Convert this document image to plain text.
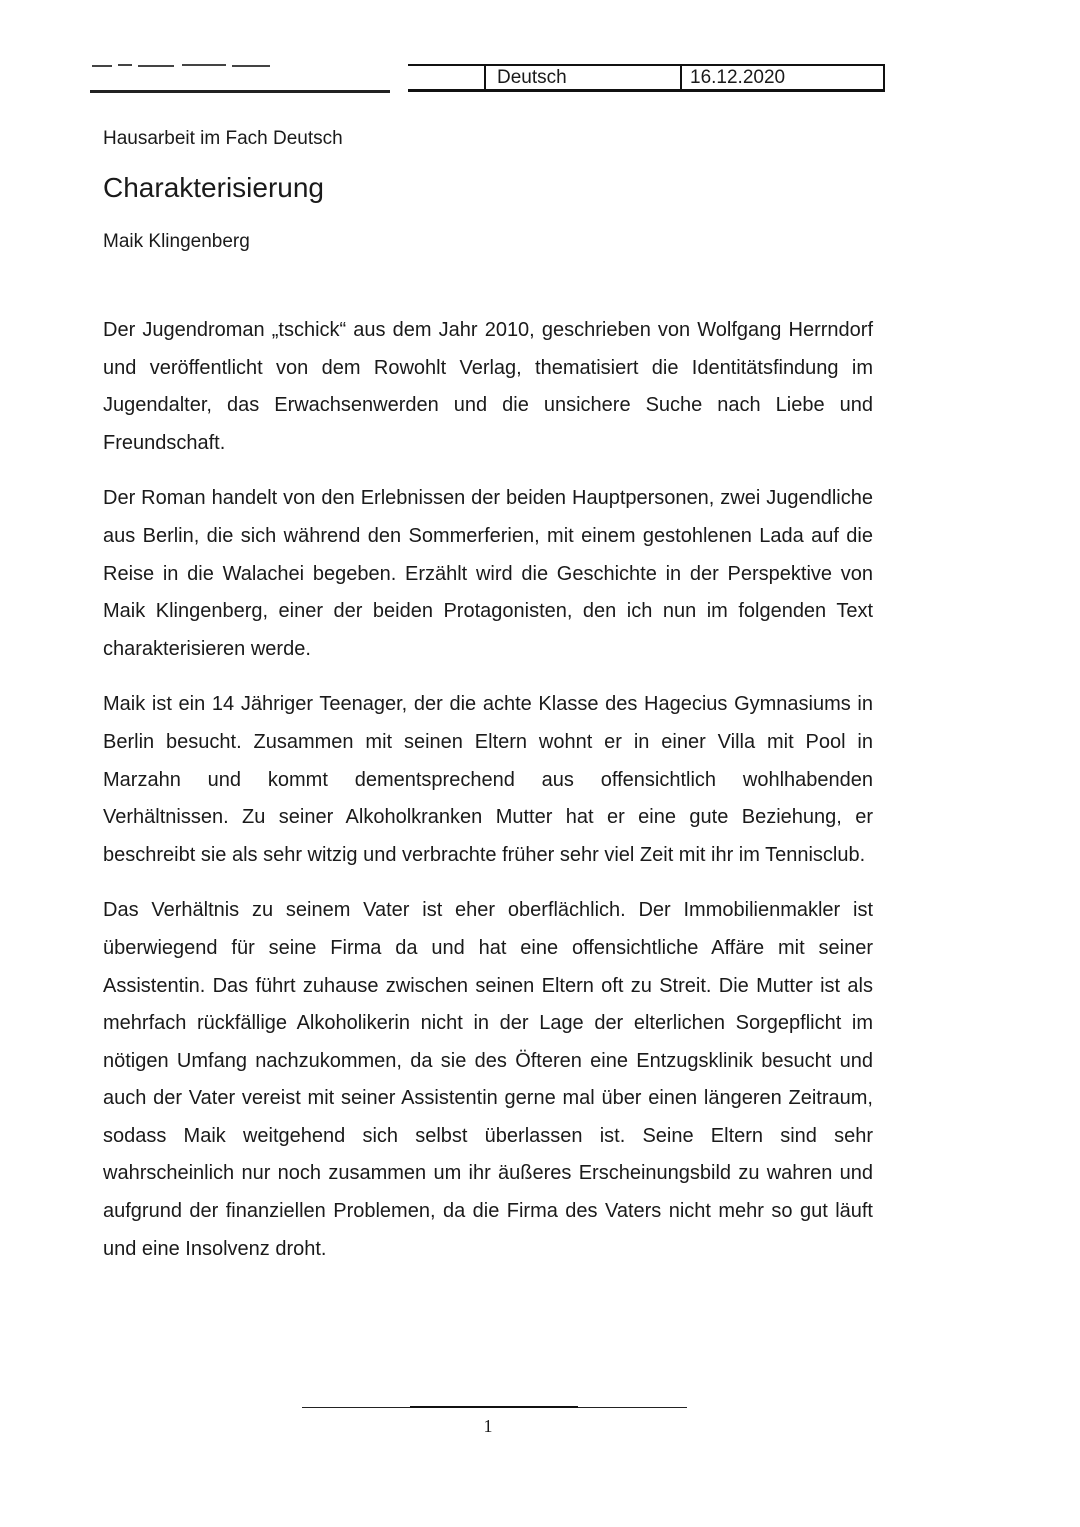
Deutsch	16.12.2020
Hausarbeit im Fach Deutsch
Charakterisierung

Maik Klingenberg

Der Jugendroman „tschick“ aus dem Jahr 2010, geschrieben von Wolfgang Herrndorf und veröffentlicht von dem Rowohlt Verlag, thematisiert die Identitätsfindung im Jugendalter, das Erwachsenwerden und die unsichere Suche nach Liebe und Freundschaft.

Der Roman handelt von den Erlebnissen der beiden Hauptpersonen, zwei Jugendliche aus Berlin, die sich während den Sommerferien, mit einem gestohlenen Lada auf die Reise in die Walachei begeben. Erzählt wird die Geschichte in der Perspektive von Maik Klingenberg, einer der beiden Protagonisten, den ich nun im folgenden Text charakterisieren werde.

Maik ist ein 14 Jähriger Teenager, der die achte Klasse des Hagecius Gymnasiums in Berlin besucht. Zusammen mit seinen Eltern wohnt er in einer Villa mit Pool in Marzahn und kommt dementsprechend aus offensichtlich wohlhabenden Verhältnissen. Zu seiner Alkoholkranken Mutter hat er eine gute Beziehung, er beschreibt sie als sehr witzig und verbrachte früher sehr viel Zeit mit ihr im Tennisclub.

Das Verhältnis zu seinem Vater ist eher oberflächlich. Der Immobilienmakler ist überwiegend für seine Firma da und hat eine offensichtliche Affäre mit seiner Assistentin. Das führt zuhause zwischen seinen Eltern oft zu Streit. Die Mutter ist als mehrfach rückfällige Alkoholikerin nicht in der Lage der elterlichen Sorgepflicht im nötigen Umfang nachzukommen, da sie des Öfteren eine Entzugsklinik besucht und auch der Vater vereist mit seiner Assistentin gerne mal über einen längeren Zeitraum, sodass Maik weitgehend sich selbst überlassen ist. Seine Eltern sind sehr wahrscheinlich nur noch zusammen um ihr äußeres Erscheinungsbild zu wahren und aufgrund der finanziellen Problemen, da die Firma des Vaters nicht mehr so gut läuft und eine Insolvenz droht.

1
